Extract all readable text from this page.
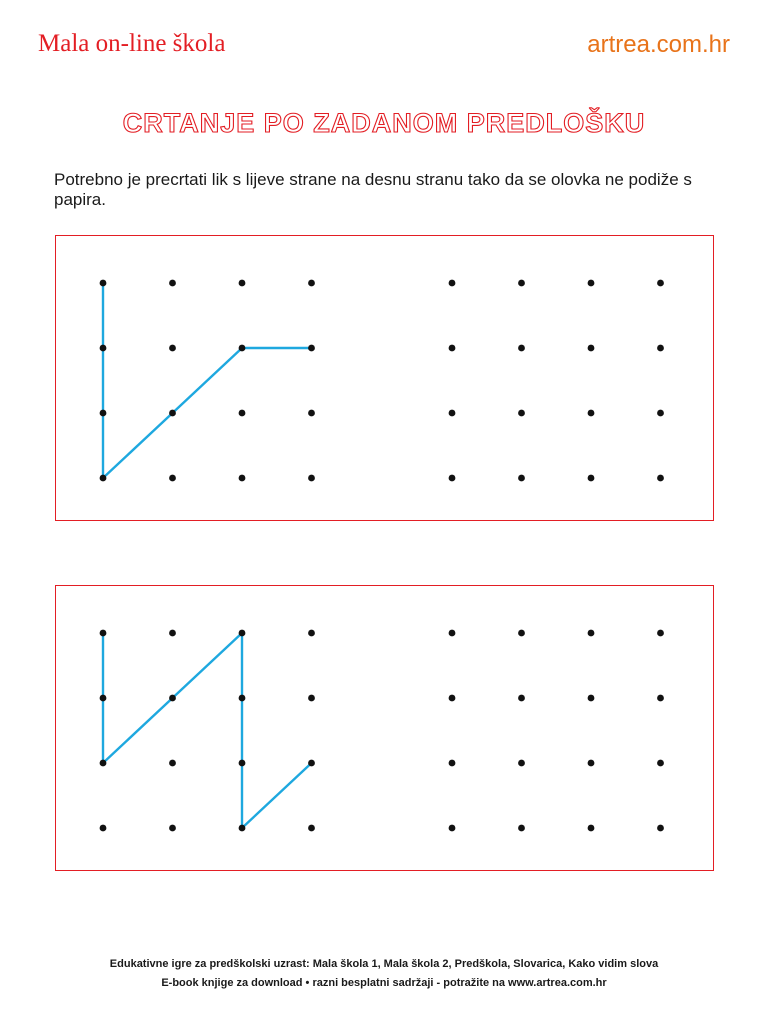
Mala on-line škola	artrea.com.hr
CRTANJE PO ZADANOM PREDLOŠKU
Potrebno je precrtati lik s lijeve strane na desnu stranu tako da se olovka ne podiže s papira.
Edukativne igre za predškolski uzrast: Mala škola 1, Mala škola 2, Predškola, Slovarica, Kako vidim slova
E-book knjige za download • razni besplatni sadržaji - potražite na www.artrea.com.hr
